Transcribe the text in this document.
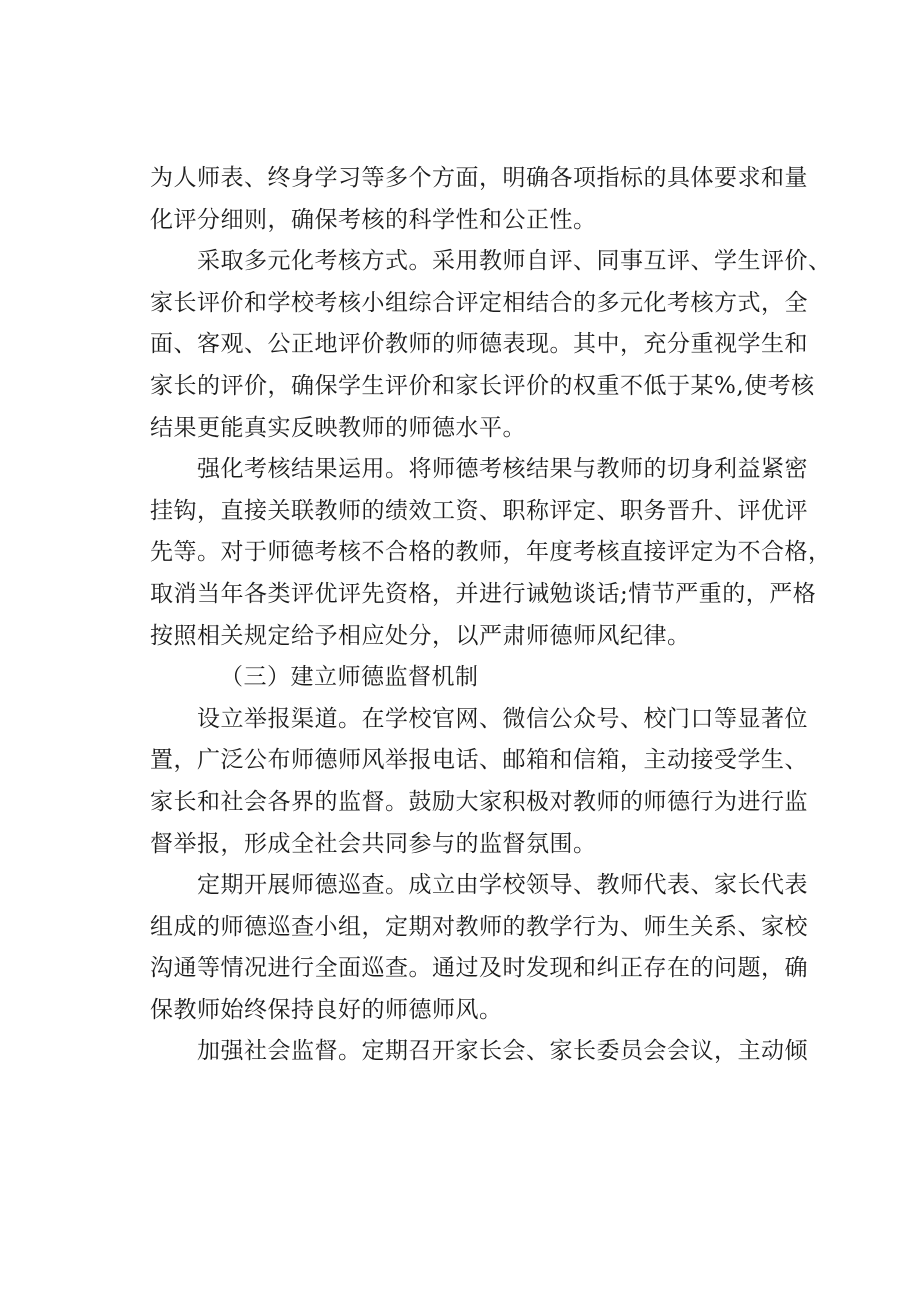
为人师表、终身学习等多个方面，明确各项指标的具体要求和量
化评分细则，确保考核的科学性和公正性。
采取多元化考核方式。采用教师自评、同事互评、学生评价、
家长评价和学校考核小组综合评定相结合的多元化考核方式，全
面、客观、公正地评价教师的师德表现。其中，充分重视学生和
家长的评价，确保学生评价和家长评价的权重不低于某%,使考核
结果更能真实反映教师的师德水平。
强化考核结果运用。将师德考核结果与教师的切身利益紧密
挂钩，直接关联教师的绩效工资、职称评定、职务晋升、评优评
先等。对于师德考核不合格的教师，年度考核直接评定为不合格，
取消当年各类评优评先资格，并进行诫勉谈话;情节严重的，严格
按照相关规定给予相应处分，以严肃师德师风纪律。
（三）建立师德监督机制
设立举报渠道。在学校官网、微信公众号、校门口等显著位
置，广泛公布师德师风举报电话、邮箱和信箱，主动接受学生、
家长和社会各界的监督。鼓励大家积极对教师的师德行为进行监
督举报，形成全社会共同参与的监督氛围。
定期开展师德巡查。成立由学校领导、教师代表、家长代表
组成的师德巡查小组，定期对教师的教学行为、师生关系、家校
沟通等情况进行全面巡查。通过及时发现和纠正存在的问题，确
保教师始终保持良好的师德师风。
加强社会监督。定期召开家长会、家长委员会会议，主动倾
